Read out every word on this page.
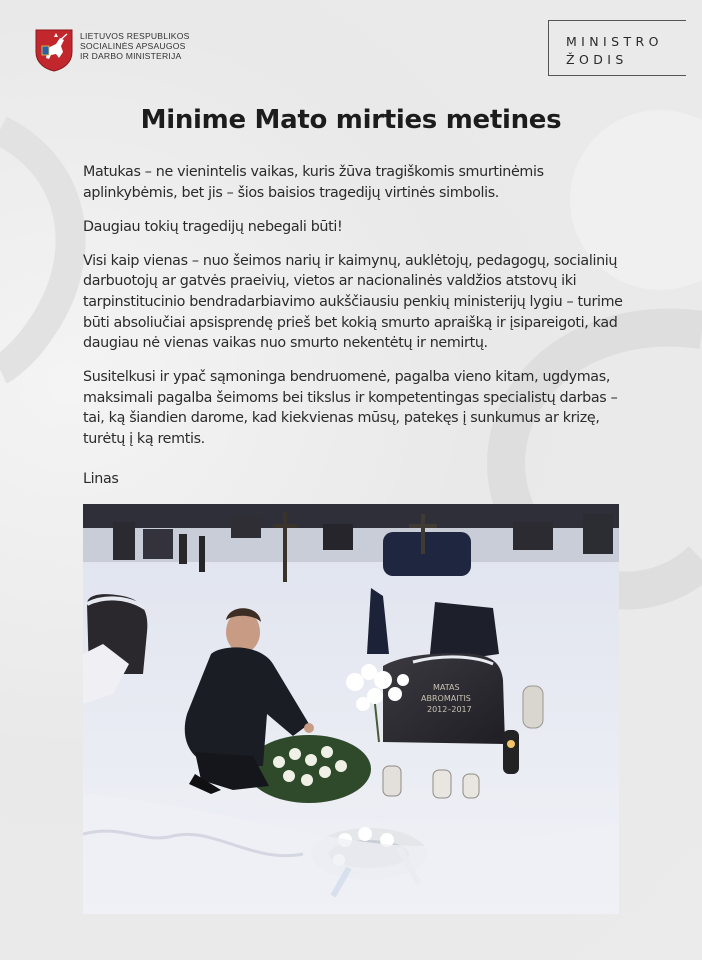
LIETUVOS RESPUBLIKOS
SOCIALINĖS APSAUGOS
IR DARBO MINISTERIJA
MINISTRO
ŽODIS
Minime Mato mirties metines

Matukas – ne vienintelis vaikas, kuris žūva tragiškomis smurtinėmis aplinkybėmis, bet jis – šios baisios tragedijų virtinės simbolis.

Daugiau tokių tragedijų nebegali būti!

Visi kaip vienas – nuo šeimos narių ir kaimynų, auklėtojų, pedagogų, socialinių darbuotojų ar gatvės praeivių, vietos ar nacionalinės valdžios atstovų iki tarpinstitucinio bendradarbiavimo aukščiausiu penkių ministerijų lygiu – turime būti absoliučiai apsisprendę prieš bet kokią smurto apraišką ir įsipareigoti, kad daugiau nė vienas vaikas nuo smurto nekentėtų ir nemirtų.

Susitelkusi ir ypač sąmoninga bendruomenė, pagalba vieno kitam, ugdymas, maksimali pagalba šeimoms bei tikslus ir kompetentingas specialistų darbas – tai, ką šiandien darome, kad kiekvienas mūsų, patekęs į sunkumus ar krizę, turėtų į ką remtis.

Linas

MATAS
ABROMAITIS
2012–2017
